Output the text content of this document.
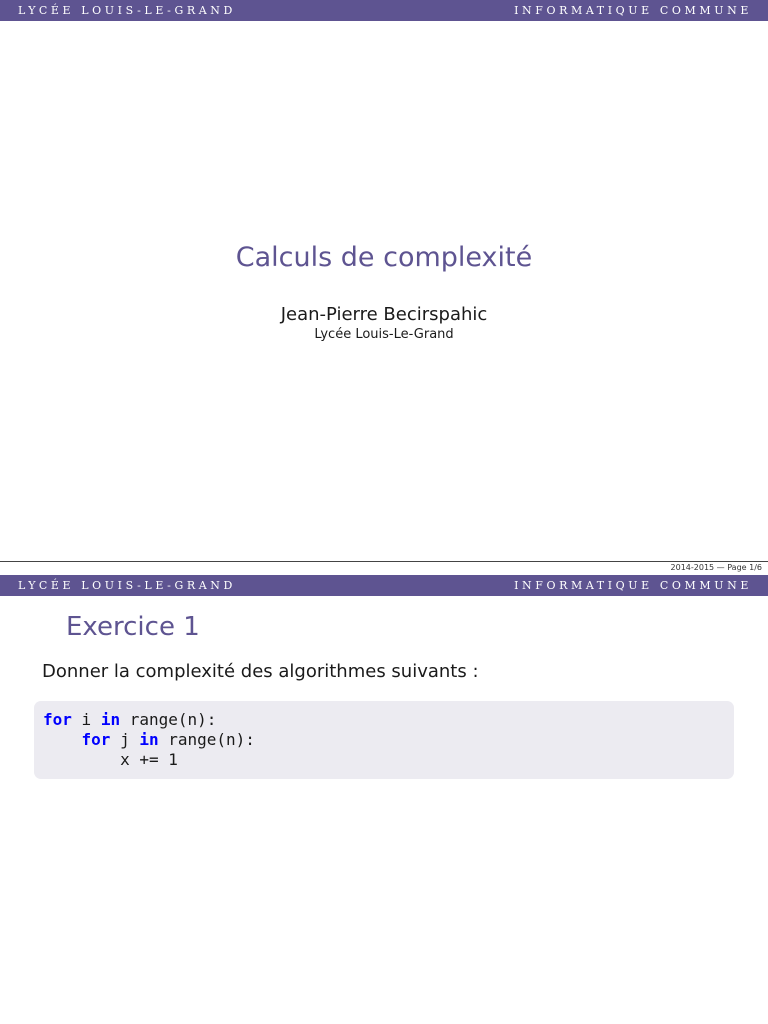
LYCÉE LOUIS-LE-GRAND	INFORMATIQUE COMMUNE
Calculs de complexité

Jean-Pierre Becirspahic

Lycée Louis-Le-Grand

2014-2015 — Page 1/6
LYCÉE LOUIS-LE-GRAND	INFORMATIQUE COMMUNE
Exercice 1

Donner la complexité des algorithmes suivants :

for i in range(n):
for j in range(n):
x += 1
